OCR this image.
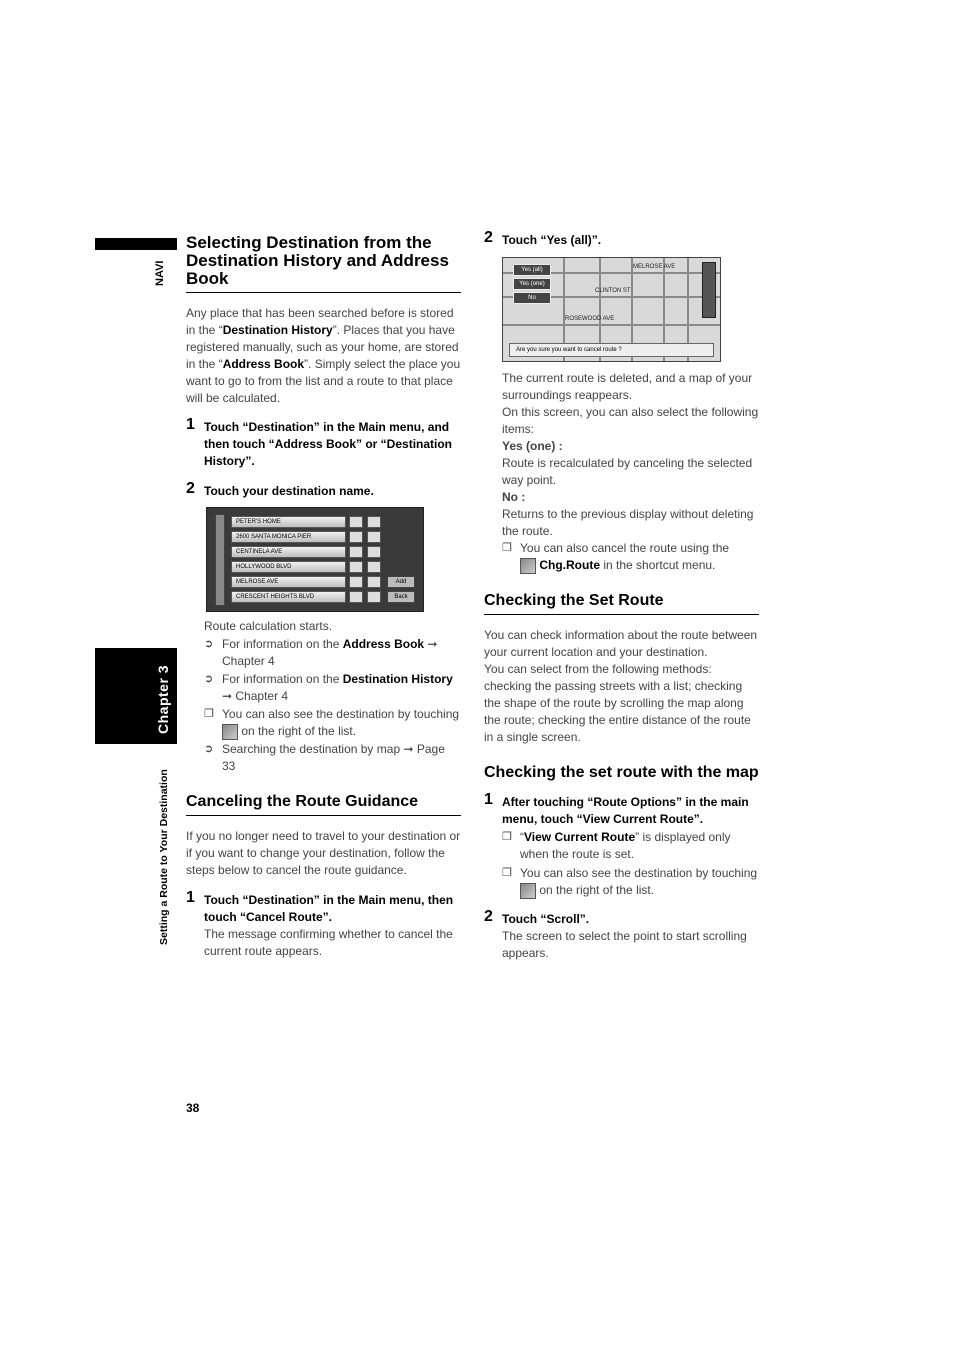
NAVI
Chapter 3
Setting a Route to Your Destination
Selecting Destination from the Destination History and Address Book

Any place that has been searched before is stored in the “Destination History”. Places that you have registered manually, such as your home, are stored in the “Address Book”. Simply select the place you want to go to from the list and a route to that place will be calculated.

1 Touch “Destination” in the Main menu, and then touch “Address Book” or “Destination History”.
2 Touch your destination name.
PETER'S HOME
2600 SANTA MONICA PIER
CENTINELA AVE
HOLLYWOOD BLVD
MELROSE AVE
CRESCENT HEIGHTS BLVD
Add
Back

Route calculation starts.

➲ For information on the Address Book ➞ Chapter 4
➲ For information on the Destination History ➞ Chapter 4
❐ You can also see the destination by touching  on the right of the list.
➲ Searching the destination by map ➞ Page 33
Canceling the Route Guidance

If you no longer need to travel to your destination or if you want to change your destination, follow the steps below to cancel the route guidance.

1 Touch “Destination” in the Main menu, then touch “Cancel Route”.

The message confirming whether to cancel the current route appears.

2 Touch “Yes (all)”.
MELROSE AVE
CLINTON ST
ROSEWOOD AVE
Yes (all)
Yes (one)
No
Are you sure you want to cancel route ?

The current route is deleted, and a map of your surroundings reappears.

On this screen, you can also select the following items:

Yes (one) :

Route is recalculated by canceling the selected way point.

No :

Returns to the previous display without deleting the route.

❐ You can also cancel the route using the
Chg.Route in the shortcut menu.
Checking the Set Route

You can check information about the route between your current location and your destination.

You can select from the following methods: checking the passing streets with a list; checking the shape of the route by scrolling the map along the route; checking the entire distance of the route in a single screen.

Checking the set route with the map
1 After touching “Route Options” in the main menu, touch “View Current Route”.
❐ “View Current Route” is displayed only when the route is set.
❐ You can also see the destination by touching  on the right of the list.
2 Touch “Scroll”.

The screen to select the point to start scrolling appears.

38
